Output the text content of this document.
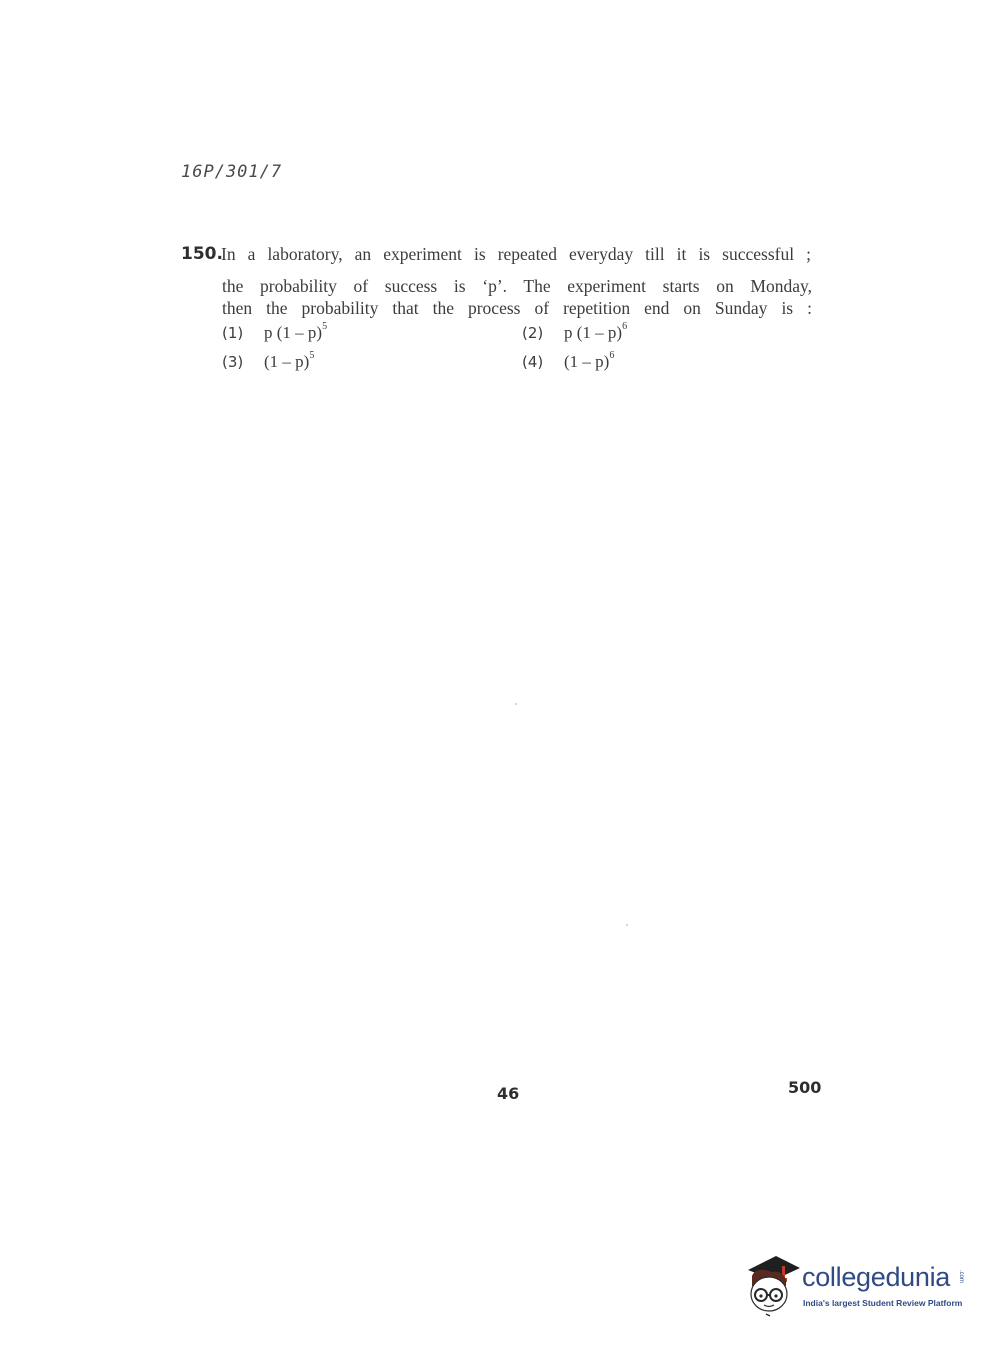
16P/301/7
150.
In a laboratory, an experiment is repeated everyday till it is successful ;
the probability of success is ‘p’. The experiment starts on Monday,
then the probability that the process of repetition end on Sunday is :
(1) p (1 – p)$^5$	(2) p (1 – p)$^6$
(3) (1 – p)$^5$	(4) (1 – p)$^6$
46	500
collegedunia .com
India's largest Student Review Platform
